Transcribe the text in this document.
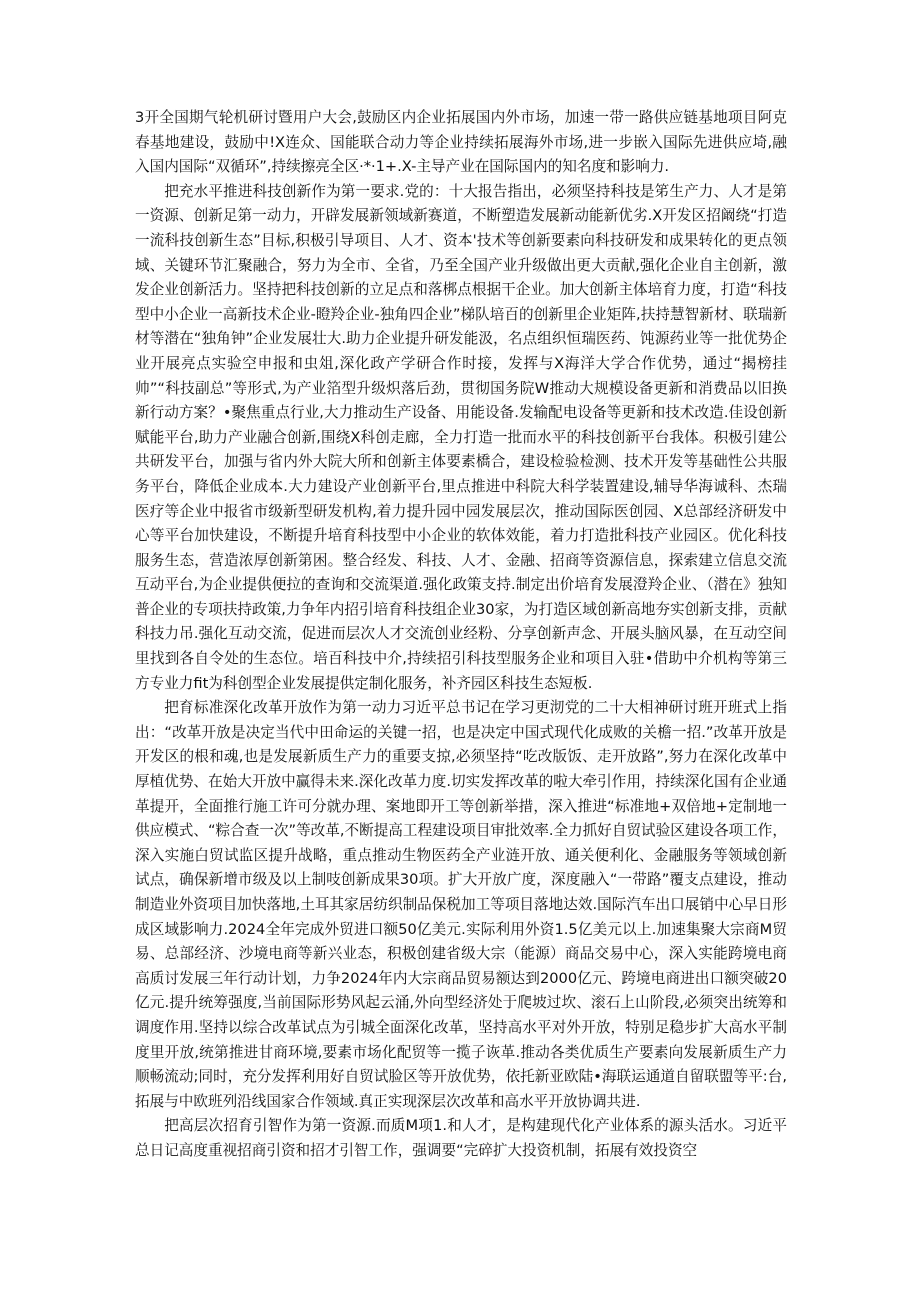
3开全国期气轮机研讨暨用户大会,鼓励区内企业拓展国内外市场，加速一带一路供应链基地项目阿克春基地建设，鼓励中!X连众、国能联合动力等企业持续拓展海外市场,进一步嵌入国际先进供应埼,融入国内国际“双循环”,持续擦亮全区·*·1+.X-主导产业在国际国内的知名度和影响力.

把充水平推进科技创新作为第一要求.党的：十大报告指出，必须坚持科技是笫生产力、人才是第一资源、创新足第一动力，开辟发展新领域新赛道，不断塑造发展新动能新优劣.X开发区招阚绕“打造一流科技创新生态”目标,积极引导项目、人才、资本'技术等创新要素向科技研发和成果转化的更点领域、关键环节汇聚融合，努力为全市、全省，乃至全国产业升级做出更大贡献,强化企业自主创新，激发企业创新活力。坚持把科技创新的立足点和落梆点根据干企业。加大创新主体培育力度，打造“科技型中小企业一高新技术企业-瞪羚企业-独角四企业”梯队培百的创新里企业矩阵,扶持慧智新材、联瑞新材等潜在“独角钟”企业发展壮大.助力企业提升研发能汲，名点组织恒瑞医药、饨源药业等一批优势企业开展亮点实验空申报和虫俎,深化政产学研合作时接，发挥与X海洋大学合作优势，通过“揭榜挂帅”“科技副总”等形式,为产业箔型升级炽落后劲，贯彻国务院W推动大规模设备更新和消费品以旧换新行动方案？•聚焦重点行业,大力推动生产设备、用能设备.发输配电设备等更新和技术改造.佳设创新赋能平台,助力产业融合创新,围绕X科创走廊，全力打造一批而水平的科技创新平台我体。积极引建公共研发平台，加强与省内外大院大所和创新主体要素橋合，建设检验检测、技术开发等基础性公共服务平台，降低企业成本.大力建设产业创新平台,里点推进中科院大科学装置建设,辅导华海诚科、杰瑞医疗等企业中报省市级新型研发机构,着力提升园中园发展层次，推动国际医创园、X总部经济研发中心等平台加快建设，不断提升培育科技型中小企业的软体效能，着力打造批科技产业园区。优化科技服务生态，营造浓厚创新第困。整合经发、科技、人才、金融、招商等资源信息，探索建立信息交流互动平台,为企业提供便拉的查询和交流渠道.强化政策支持.制定出价培育发展澄羚企业、（潜在》独知普企业的专项扶持政策,力争年内招引培育科技组企业30家，为打造区域创新高地夯实创新支排，贡献科技力吊.强化互动交流，促进而层次人才交流创业经粉、分享创新声念、开展头脑风暴，在互动空间里找到各自令处的生态位。培百科技中介,持续招引科技型服务企业和项目入驻•借助中介机构等第三方专业力fit为科创型企业发展提供定制化服务，补齐园区科技生态短板.

把育标准深化改革开放作为第一动力习近平总书记在学习更沏党的二十大相神研讨班开班式上指出：“改革开放是决定当代中田命运的关键一招，也是决定中国式现代化成败的关檐一招.”改革开放是开发区的根和魂,也是发展新质生产力的重要支掠,必须坚持“吃改版饭、走开放路”,努力在深化改革中厚植优势、在始大开放中赢得未来.深化改革力度.切实发挥改革的啦大牵引作用，持续深化国有企业通革提开，全面推行施工许可分就办理、案地即开工等创新举措，深入推进“标准地+双倍地+定制地一供应模式、“粽合查一次”等改革,不断提高工程建设项目审批效率.全力抓好自贸试验区建设各项工作，深入实施白贸试监区提升战略，重点推动生物医药全产业涟开放、通关便利化、金融服务等领域创新试点，确保新增市级及以上制吱创新成果30项。扩大开放广度，深度融入“一带路”覆支点建设，推动制造业外资项目加快落地,土耳其家居纺织制品保税加工等项目落地达效.国际汽车出口展销中心早日形成区域影响力.2024全年完成外贸进口额50亿美元.实际利用外资1.5亿美元以上.加速集聚大宗商M贸易、总部经济、沙境电商等新兴业态，积极创建省级大宗（能源）商品交易中心，深入实能跨境电商高质讨发展三年行动计划，力争2024年内大宗商品贸易额达到2000亿元、跨境电商进出口额突破20亿元.提升统筹强度,当前国际形势风起云涌,外向型经济处于爬坡过坎、滚石上山阶段,必须突出统筹和调度作用.坚持以综合改革试点为引城全面深化改革，坚持高水平对外开放，特别足稳步扩大高水平制度里开放,统第推进甘商环境,要素市场化配贸等一揽子诙革.推动各类优质生产要素向发展新质生产力顺畅流动;同时，充分发挥利用好自贸试脸区等开放优势，依托新亚欧陆•海联运通道自留联盟等平:台,拓展与中欧班列沿线国家合作领域.真正实现深层次改革和高水平开放协调共进.

把高层次招育引智作为第一资源.而质M项1.和人才，是构建现代化产业体系的源头活水。习近平总日记高度重视招商引资和招才引智工作，强调要“完碎扩大投资机制，拓展有效投资空
